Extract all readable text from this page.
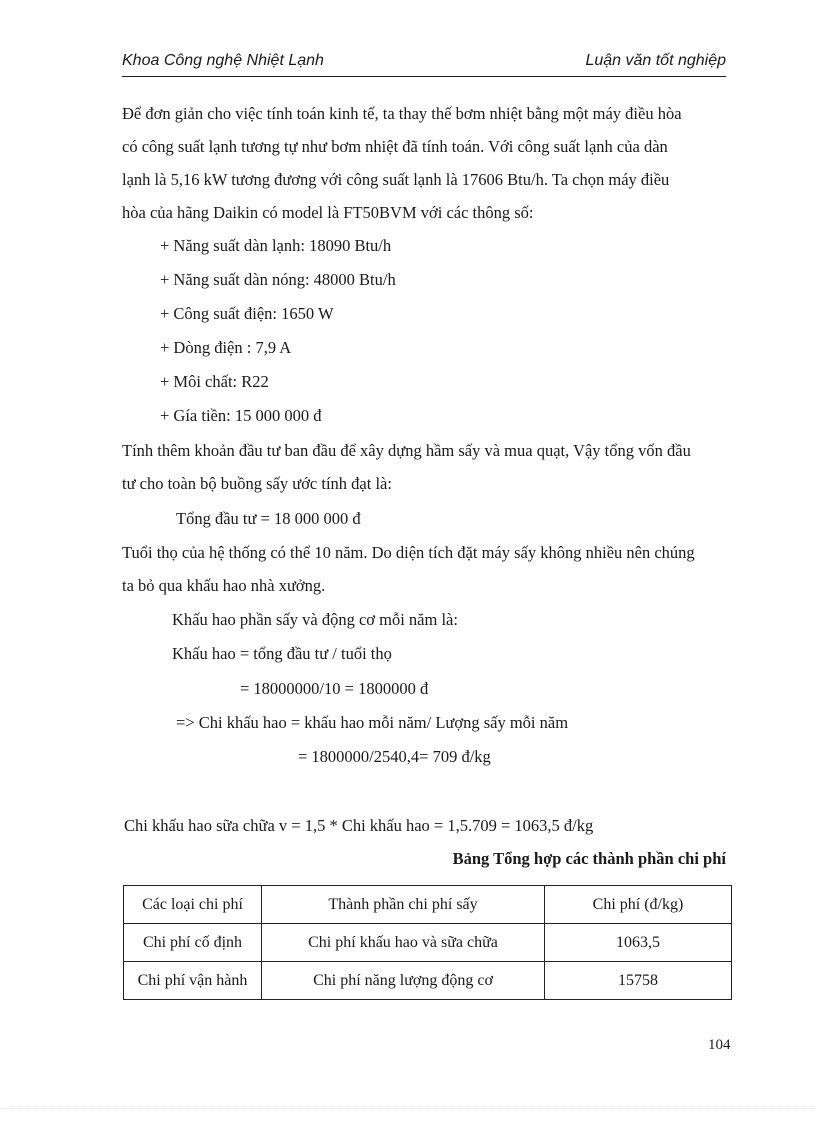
Khoa Công nghệ Nhiệt Lạnh	Luận văn tốt nghiệp
Để đơn giản cho việc tính toán kinh tế, ta thay thế bơm nhiệt bằng một máy điều hòa
có công suất lạnh tương tự như bơm nhiệt đã tính toán. Với công suất lạnh của dàn
lạnh là 5,16 kW tương đương với công suất lạnh là 17606 Btu/h. Ta chọn máy điều
hòa của hãng Daikin có model là FT50BVM với các thông số:
+ Năng suất dàn lạnh: 18090 Btu/h
+ Năng suất dàn nóng: 48000 Btu/h
+ Công suất điện: 1650 W
+ Dòng điện : 7,9 A
+ Môi chất: R22
+ Gía tiền: 15 000 000 đ
Tính thêm khoản đầu tư ban đầu để xây dựng hầm sấy và mua quạt, Vậy tổng vốn đầu
tư cho toàn bộ buồng sấy ước tính đạt là:
Tổng đầu tư = 18 000 000 đ
Tuổi thọ của hệ thống có thể 10 năm. Do diện tích đặt máy sấy không nhiều nên chúng
ta bỏ qua khấu hao nhà xưởng.
Khấu hao phần sấy và động cơ mỗi năm là:
Khấu hao = tổng đầu tư / tuổi thọ
= 18000000/10 = 1800000 đ
=> Chi khấu hao = khấu hao mỗi năm/ Lượng sấy mỗi năm
= 1800000/2540,4= 709 đ/kg
Chi khấu hao sữa chữa v = 1,5 * Chi khấu hao = 1,5.709 = 1063,5 đ/kg
Bảng Tổng hợp các thành phần chi phí
Các loại chi phí	Thành phần chi phí sấy	Chi phí (đ/kg)
Chi phí cố định	Chi phí khấu hao và sữa chữa	1063,5
Chi phí vận hành	Chi phí năng lượng động cơ	15758
104
